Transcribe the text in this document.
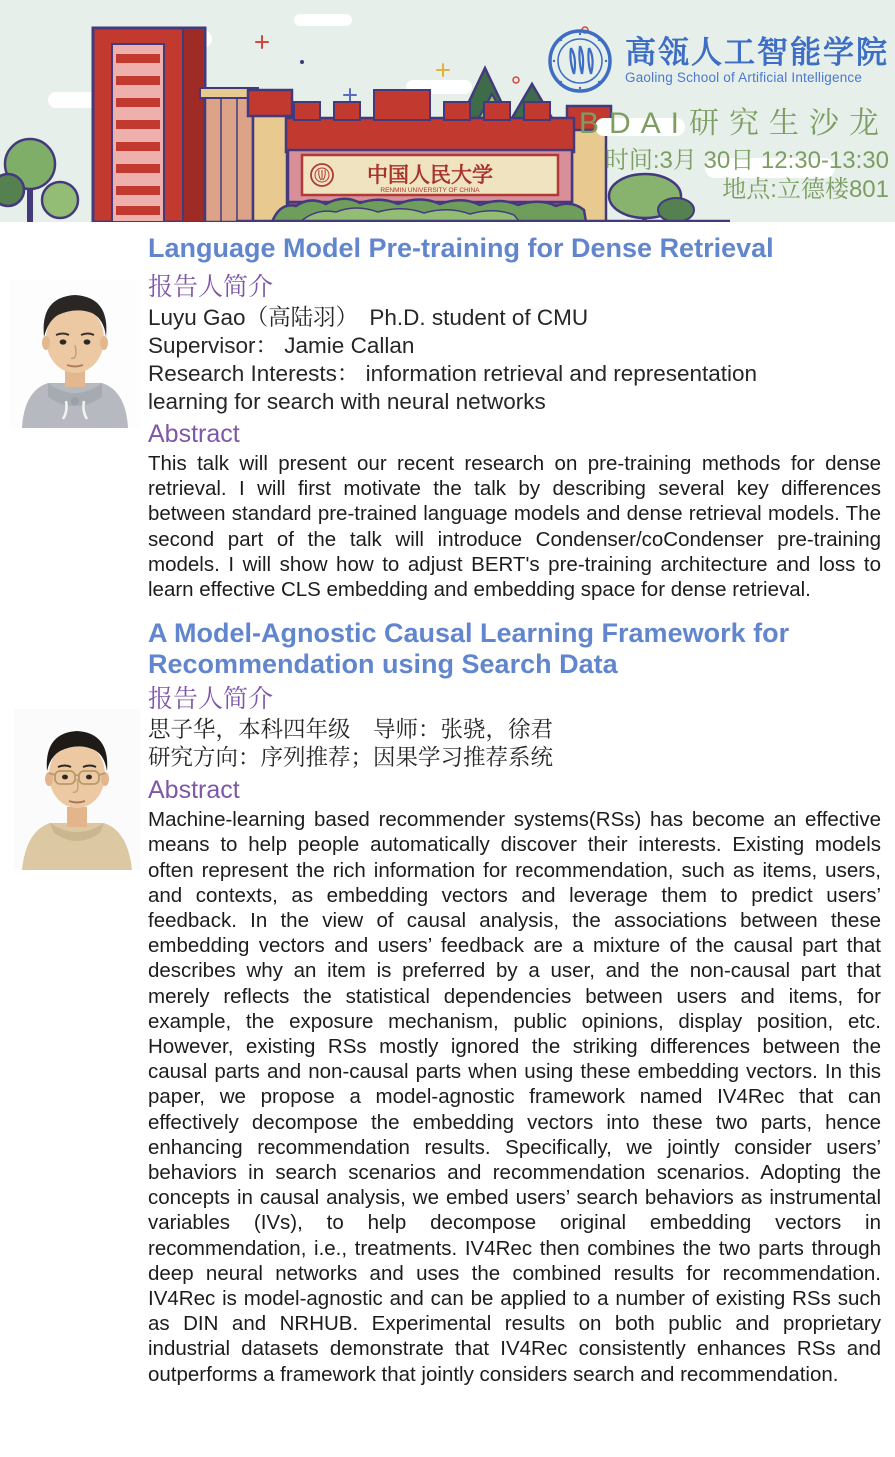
中国人民大学
RENMIN UNIVERSITY OF CHINA
高瓴人工智能学院
Gaoling School of Artificial Intelligence
BDAI研究生沙龙
时间:3月 30日 12:30-13:30
地点:立德楼801
Language Model Pre-training for Dense Retrieval
报告人简介
Luyu Gao（高陆羽）　Ph.D. student of CMU
Supervisor： Jamie Callan
Research Interests： information retrieval and representation learning for search with neural networks
Abstract

This talk will present our recent research on pre-training methods for dense retrieval. I will first motivate the talk by describing several key differences between standard pre-trained language models and dense retrieval models. The second part of the talk will introduce Condenser/coCondenser pre-training models. I will show how to adjust BERT's pre-training architecture and loss to learn effective CLS embedding and embedding space for dense retrieval.

A Model-Agnostic Causal Learning Framework for Recommendation using Search Data
报告人简介
思子华，本科四年级　导师：张骁，徐君
研究方向：序列推荐；因果学习推荐系统
Abstract

Machine-learning based recommender systems(RSs) has become an effective means to help people automatically discover their interests. Existing models often represent the rich information for recommendation, such as items, users, and contexts, as embedding vectors and leverage them to predict users’ feedback. In the view of causal analysis, the associations between these embedding vectors and users’ feedback are a mixture of the causal part that describes why an item is preferred by a user, and the non-causal part that merely reflects the statistical dependencies between users and items, for example, the exposure mechanism, public opinions, display position, etc. However, existing RSs mostly ignored the striking differences between the causal parts and non-causal parts when using these embedding vectors. In this paper, we propose a model-agnostic framework named IV4Rec that can effectively decompose the embedding vectors into these two parts, hence enhancing recommendation results. Specifically, we jointly consider users’ behaviors in search scenarios and recommendation scenarios. Adopting the concepts in causal analysis, we embed users’ search behaviors as instrumental variables (IVs), to help decompose original embedding vectors in recommendation, i.e., treatments. IV4Rec then combines the two parts through deep neural networks and uses the combined results for recommendation. IV4Rec is model-agnostic and can be applied to a number of existing RSs such as DIN and NRHUB. Experimental results on both public and proprietary industrial datasets demonstrate that IV4Rec consistently enhances RSs and outperforms a framework that jointly considers search and recommendation.
